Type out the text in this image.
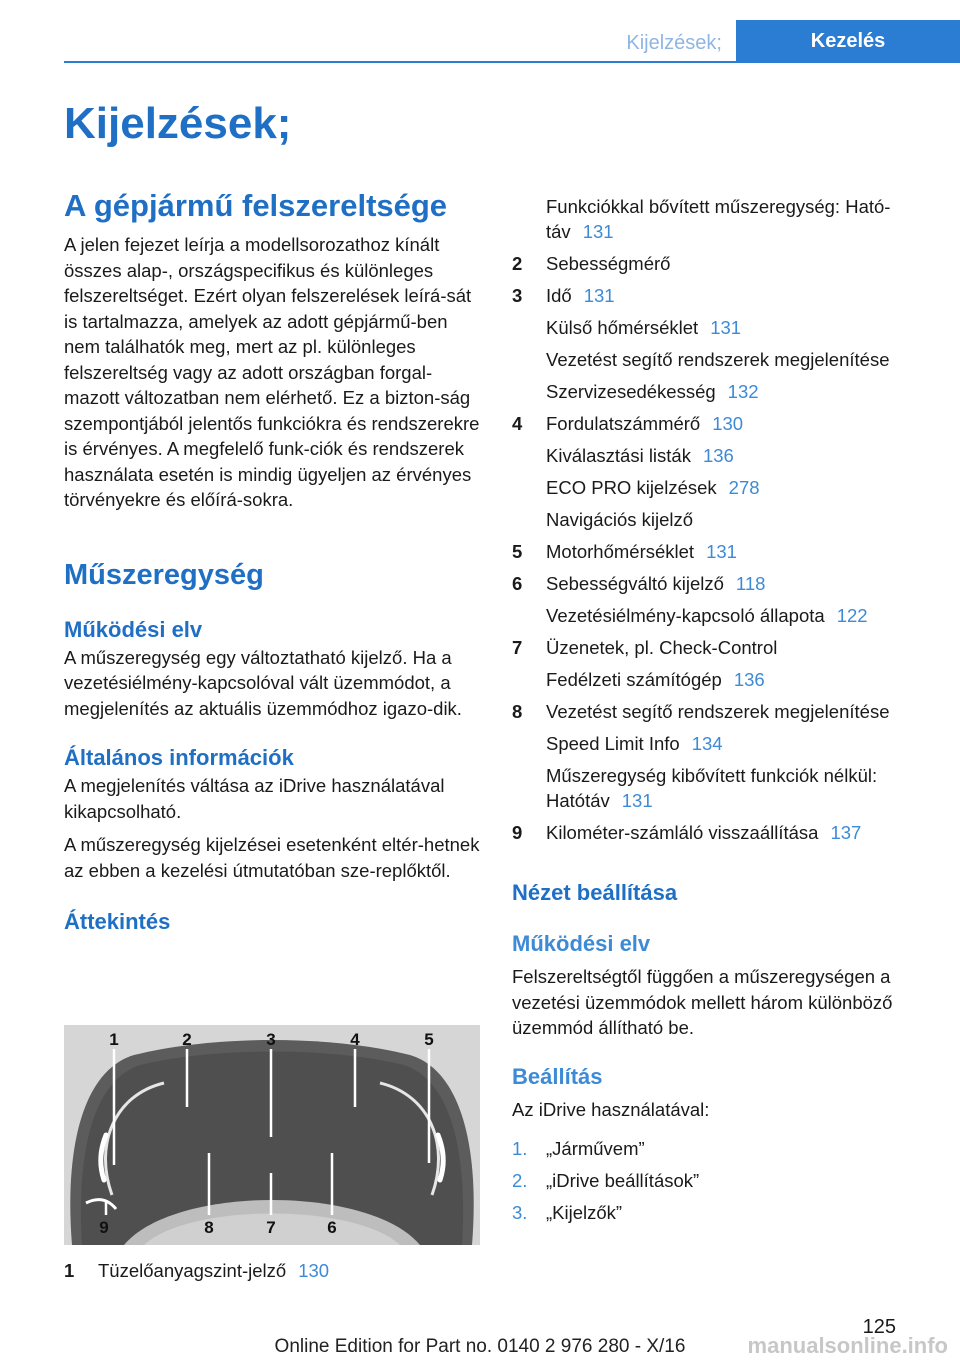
Kijelzések;	Kezelés
Kijelzések;
A gépjármű felszereltsége

A jelen fejezet leírja a modellsorozathoz kínált összes alap-, országspecifikus és különleges felszereltséget. Ezért olyan felszerelések leírá-sát is tartalmazza, amelyek az adott gépjármű-ben nem találhatók meg, mert az pl. különleges felszereltség vagy az adott országban forgal-mazott változatban nem elérhető. Ez a bizton-ság szempontjából jelentős funkciókra és rendszerekre is érvényes. A megfelelő funk-ciók és rendszerek használata esetén is mindig ügyeljen az érvényes törvényekre és előírá-sokra.

Műszeregység
Működési elv

A műszeregység egy változtatható kijelző. Ha a vezetésiélmény-kapcsolóval vált üzemmódot, a megjelenítés az aktuális üzemmódhoz igazo-dik.

Általános információk

A megjelenítés váltása az iDrive használatával kikapcsolható.

A műszeregység kijelzései esetenként eltér-hetnek az ebben a kezelési útmutatóban sze-replőktől.

Áttekintés
1	2	3	4	5
9	8	7	6
1 Tüzelőanyagszint-jelző 130
Funkciókkal bővített műszeregység: Ható-
táv 131
2 Sebességmérő
3 Idő 131
Külső hőmérséklet 131
Vezetést segítő rendszerek megjelenítése
Szervizesedékesség 132
4 Fordulatszámmérő 130
Kiválasztási listák 136
ECO PRO kijelzések 278
Navigációs kijelző
5 Motorhőmérséklet 131
6 Sebességváltó kijelző 118
Vezetésiélmény-kapcsoló állapota 122
7 Üzenetek, pl. Check-Control
Fedélzeti számítógép 136
8 Vezetést segítő rendszerek megjelenítése
Speed Limit Info 134
Műszeregység kibővített funkciók nélkül:
Hatótáv 131
9 Kilométer-számláló visszaállítása 137
Nézet beállítása
Működési elv
Felszereltségtől függően a műszeregységen a vezetési üzemmódok mellett három különböző üzemmód állítható be.
Beállítás
Az iDrive használatával:
1. „Járművem”
2. „iDrive beállítások”
3. „Kijelzők”
125
Online Edition for Part no. 0140 2 976 280 - X/16	manualsonline.info
